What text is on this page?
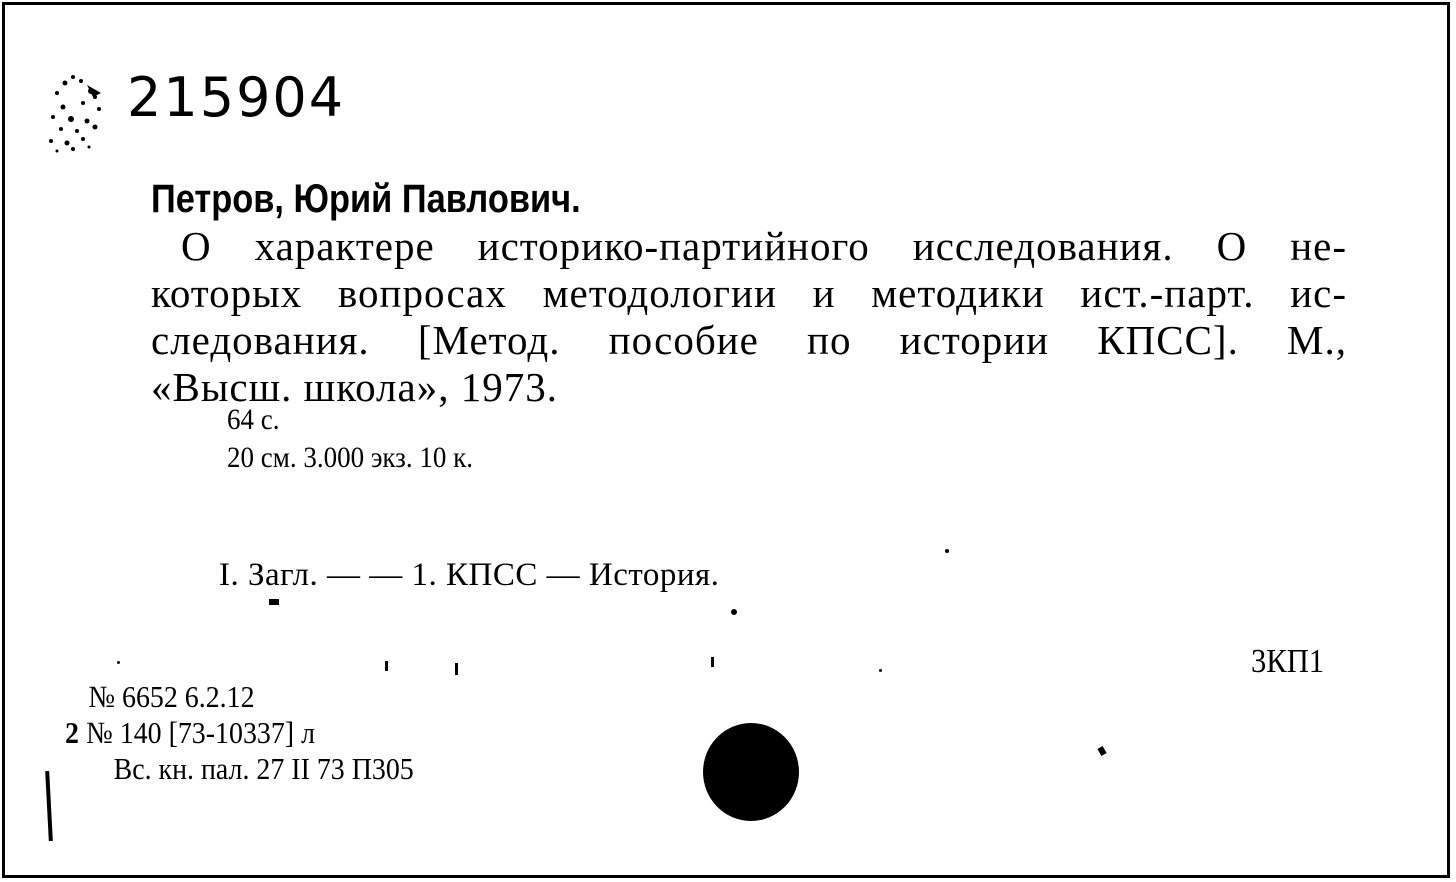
215904
Петров, Юрий Павлович.
О характере историко-партийного исследования. О не-
которых вопросах методологии и методики ист.-парт. ис-
следования. [Метод. пособие по истории КПСС]. М.,
«Высш. школа», 1973.
64 с.
20 см. 3.000 экз. 10 к.
I. Загл. — — 1. КПСС — История.
3КП1
№ 6652 6.2.12
2 № 140 [73-10337] л
Вс. кн. пал. 27 II 73 П305
